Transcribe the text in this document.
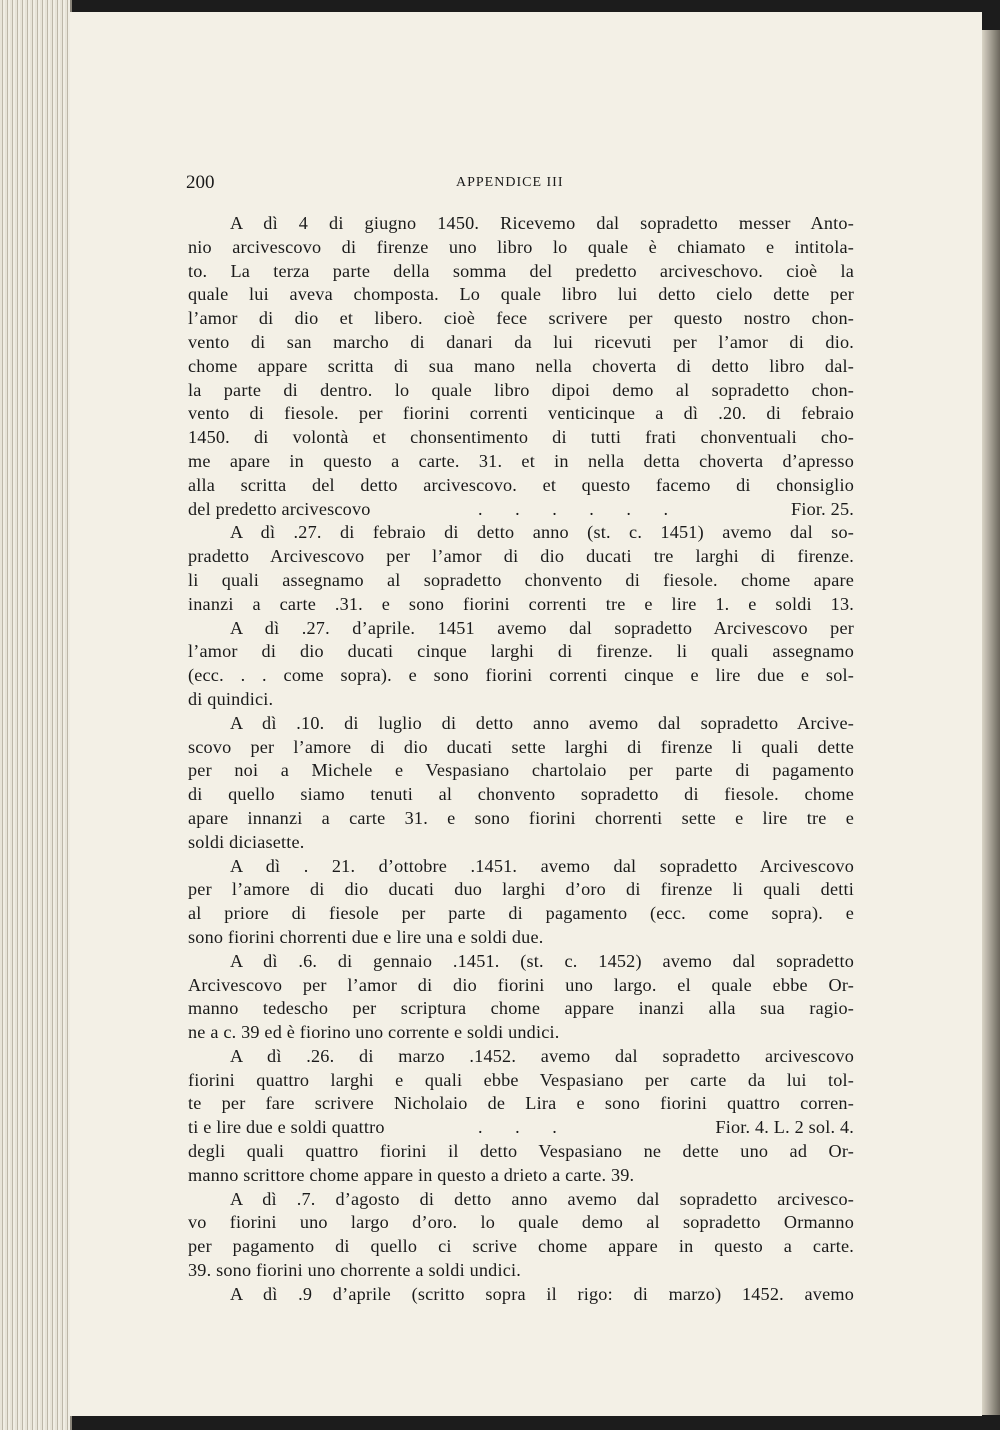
200	APPENDICE III
A dì 4 di giugno 1450. Ricevemo dal sopradetto messer Anto-
nio arcivescovo di firenze uno libro lo quale è chiamato e intitola-
to. La terza parte della somma del predetto arciveschovo. cioè la
quale lui aveva chomposta. Lo quale libro lui detto cielo dette per
l’amor di dio et libero. cioè fece scrivere per questo nostro chon-
vento di san marcho di danari da lui ricevuti per l’amor di dio.
chome appare scritta di sua mano nella choverta di detto libro dal-
la parte di dentro. lo quale libro dipoi demo al sopradetto chon-
vento di fiesole. per fiorini correnti venticinque a dì .20. di febraio
1450. di volontà et chonsentimento di tutti frati chonventuali cho-
me apare in questo a carte. 31. et in nella detta choverta d’apresso
alla scritta del detto arcivescovo. et questo facemo di chonsiglio
del predetto arcivescovo	. . . . . .	Fior. 25.
A dì .27. di febraio di detto anno (st. c. 1451) avemo dal so-
pradetto Arcivescovo per l’amor di dio ducati tre larghi di firenze.
li quali assegnamo al sopradetto chonvento di fiesole. chome apare
inanzi a carte .31. e sono fiorini correnti tre e lire 1. e soldi 13.
A dì .27. d’aprile. 1451 avemo dal sopradetto Arcivescovo per
l’amor di dio ducati cinque larghi di firenze. li quali assegnamo
(ecc. . . come sopra). e sono fiorini correnti cinque e lire due e sol-
di quindici.
A dì .10. di luglio di detto anno avemo dal sopradetto Arcive-
scovo per l’amore di dio ducati sette larghi di firenze li quali dette
per noi a Michele e Vespasiano chartolaio per parte di pagamento
di quello siamo tenuti al chonvento sopradetto di fiesole. chome
apare innanzi a carte 31. e sono fiorini chorrenti sette e lire tre e
soldi diciasette.
A dì . 21. d’ottobre .1451. avemo dal sopradetto Arcivescovo
per l’amore di dio ducati duo larghi d’oro di firenze li quali detti
al priore di fiesole per parte di pagamento (ecc. come sopra). e
sono fiorini chorrenti due e lire una e soldi due.
A dì .6. di gennaio .1451. (st. c. 1452) avemo dal sopradetto
Arcivescovo per l’amor di dio fiorini uno largo. el quale ebbe Or-
manno tedescho per scriptura chome appare inanzi alla sua ragio-
ne a c. 39 ed è fiorino uno corrente e soldi undici.
A dì .26. di marzo .1452. avemo dal sopradetto arcivescovo
fiorini quattro larghi e quali ebbe Vespasiano per carte da lui tol-
te per fare scrivere Nicholaio de Lira e sono fiorini quattro corren-
ti e lire due e soldi quattro	. . .	Fior. 4. L. 2 sol. 4.
degli quali quattro fiorini il detto Vespasiano ne dette uno ad Or-
manno scrittore chome appare in questo a drieto a carte. 39.
A dì .7. d’agosto di detto anno avemo dal sopradetto arcivesco-
vo fiorini uno largo d’oro. lo quale demo al sopradetto Ormanno
per pagamento di quello ci scrive chome appare in questo a carte.
39. sono fiorini uno chorrente a soldi undici.
A dì .9 d’aprile (scritto sopra il rigo: di marzo) 1452. avemo
